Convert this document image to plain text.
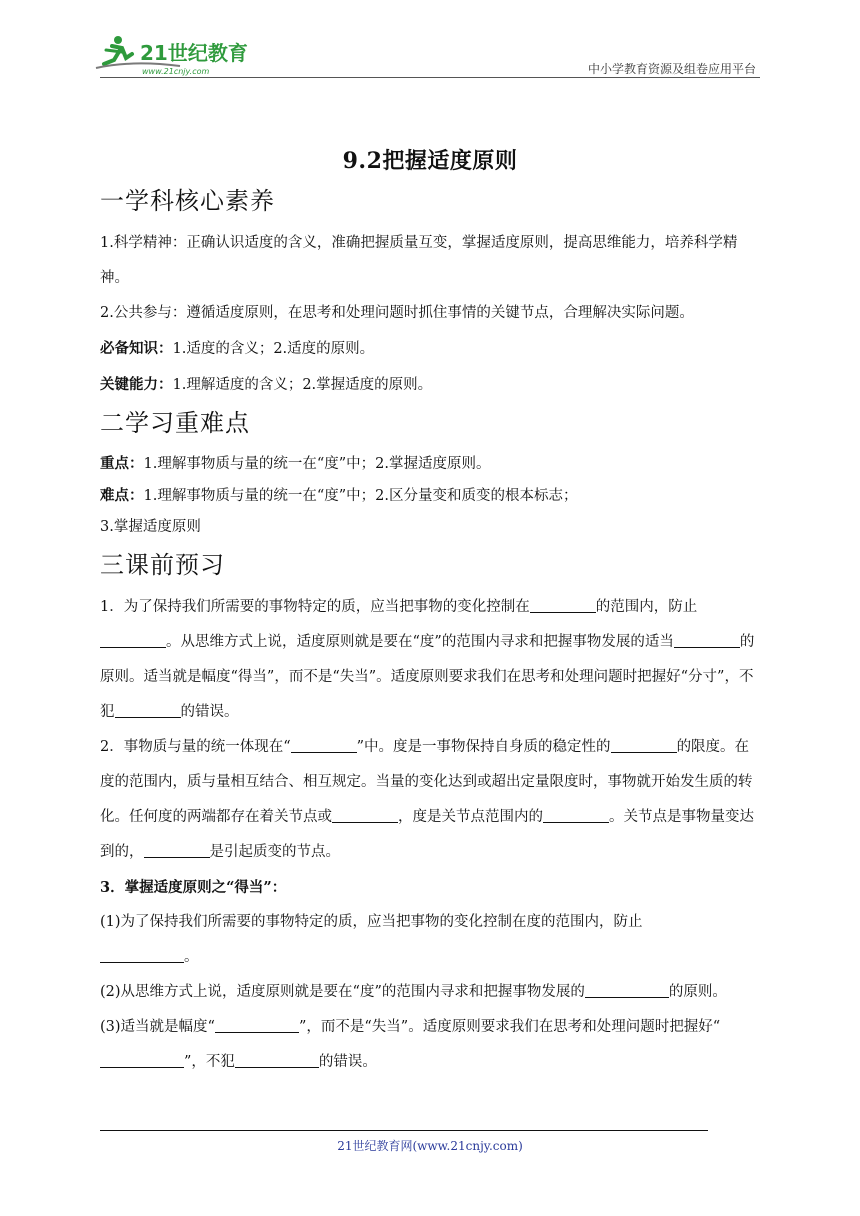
21世纪教育
www.21cnjy.com	中小学教育资源及组卷应用平台
9.2把握适度原则
一学科核心素养

1.科学精神：正确认识适度的含义，准确把握质量互变，掌握适度原则，提高思维能力，培养科学精神。

2.公共参与：遵循适度原则，在思考和处理问题时抓住事情的关键节点，合理解决实际问题。

必备知识：1.适度的含义；2.适度的原则。

关键能力：1.理解适度的含义；2.掌握适度的原则。

二学习重难点

重点：1.理解事物质与量的统一在“度”中；2.掌握适度原则。

难点：1.理解事物质与量的统一在“度”中；2.区分量变和质变的根本标志；

3.掌握适度原则

三课前预习

1．为了保持我们所需要的事物特定的质，应当把事物的变化控制在	的范围内，防止。从思维方式上说，适度原则就是要在“度”的范围内寻求和把握事物发展的适当	的原则。适当就是幅度“得当”，而不是“失当”。适度原则要求我们在思考和处理问题时把握好“分寸”，不犯	的错误。

2．事物质与量的统一体现在“	”中。度是一事物保持自身质的稳定性的	的限度。在度的范围内，质与量相互结合、相互规定。当量的变化达到或超出定量限度时，事物就开始发生质的转化。任何度的两端都存在着关节点或	，度是关节点范围内的	。关节点是事物量变达到的，	是引起质变的节点。

3．掌握适度原则之“得当”：

(1)为了保持我们所需要的事物特定的质，应当把事物的变化控制在度的范围内，防止
。

(2)从思维方式上说，适度原则就是要在“度”的范围内寻求和把握事物发展的	的原则。

(3)适当就是幅度“	”，而不是“失当”。适度原则要求我们在思考和处理问题时把握好“”，不犯	的错误。

21世纪教育网(www.21cnjy.com)
